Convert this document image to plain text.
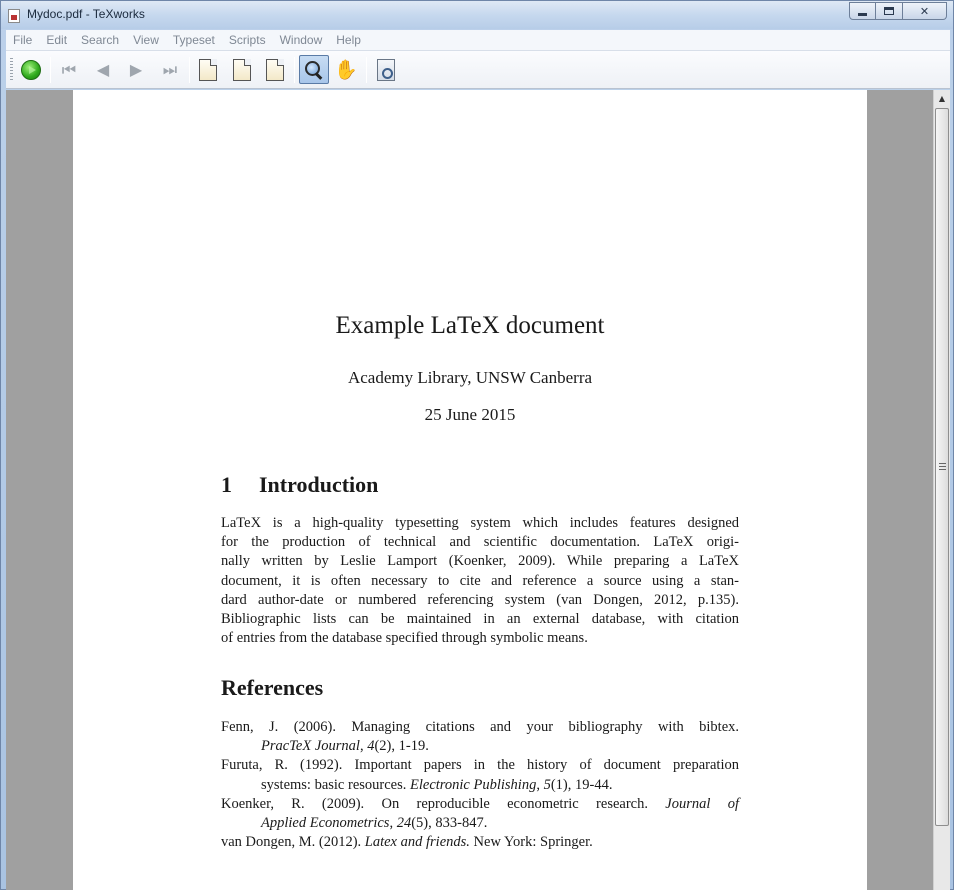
Mydoc.pdf - TeXworks	✕
File Edit Search View Typeset Scripts Window Help
⏮ ◀ ▶ ⏭	✋
Example LaTeX document
Academy Library, UNSW Canberra
25 June 2015
1 Introduction
LaTeX is a high-quality typesetting system which includes features designed
for the production of technical and scientific documentation. LaTeX origi-
nally written by Leslie Lamport (Koenker, 2009). While preparing a LaTeX
document, it is often necessary to cite and reference a source using a stan-
dard author-date or numbered referencing system (van Dongen, 2012, p.135).
Bibliographic lists can be maintained in an external database, with citation
of entries from the database specified through symbolic means.
References
Fenn, J. (2006). Managing citations and your bibliography with bibtex.
PracTeX Journal, 4(2), 1-19.
Furuta, R. (1992). Important papers in the history of document preparation
systems: basic resources. Electronic Publishing, 5(1), 19-44.
Koenker, R. (2009). On reproducible econometric research. Journal of
Applied Econometrics, 24(5), 833-847.
van Dongen, M. (2012). Latex and friends. New York: Springer.
▲
